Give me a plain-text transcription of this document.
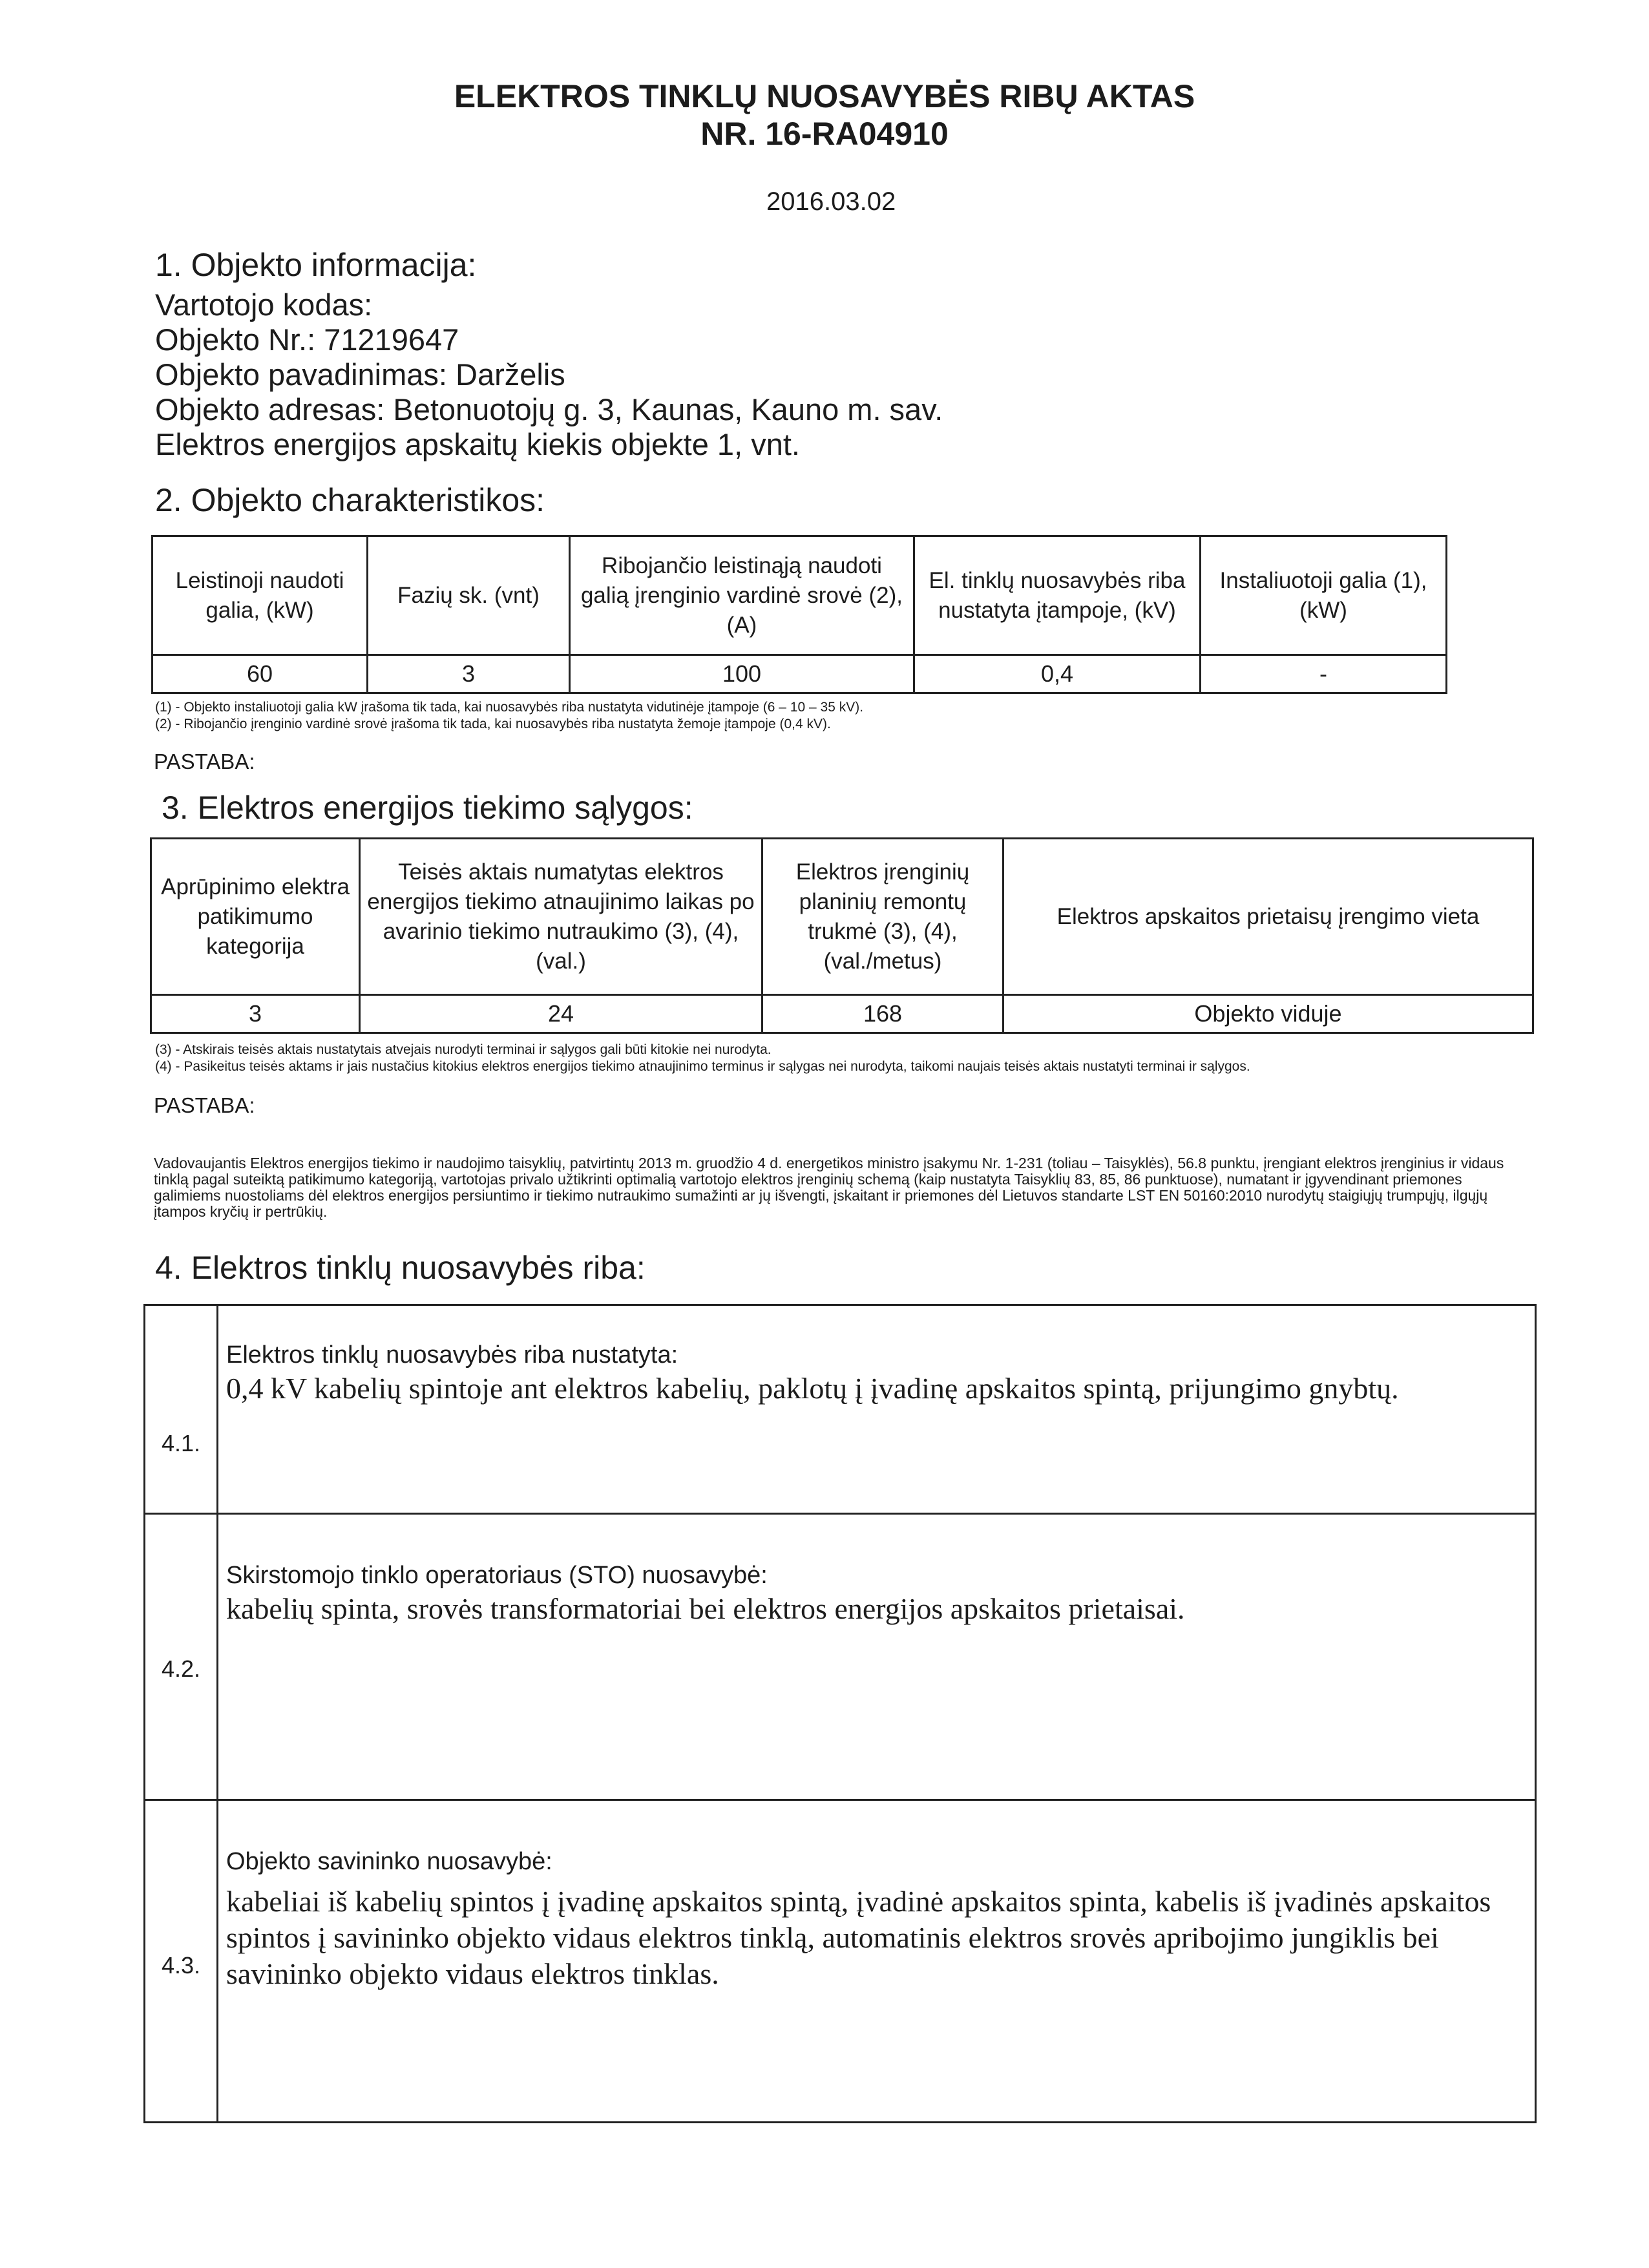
ELEKTROS TINKLŲ NUOSAVYBĖS RIBŲ AKTAS
NR. 16-RA04910
2016.03.02
1. Objekto informacija:
Vartotojo kodas:
Objekto Nr.: 71219647
Objekto pavadinimas: Darželis
Objekto adresas: Betonuotojų g. 3, Kaunas, Kauno m. sav.
Elektros energijos apskaitų kiekis objekte 1, vnt.
2. Objekto charakteristikos:
Leistinoji naudoti galia, (kW)	Fazių sk. (vnt)	Ribojančio leistinąją naudoti galią įrenginio vardinė srovė (2), (A)	El. tinklų nuosavybės riba nustatyta įtampoje, (kV)	Instaliuotoji galia (1), (kW)
60	3	100	0,4	-
(1) - Objekto instaliuotoji galia kW įrašoma tik tada, kai nuosavybės riba nustatyta vidutinėje įtampoje (6 – 10 – 35 kV).
(2) - Ribojančio įrenginio vardinė srovė įrašoma tik tada, kai nuosavybės riba nustatyta žemoje įtampoje (0,4 kV).
PASTABA:
3. Elektros energijos tiekimo sąlygos:
Aprūpinimo elektra patikimumo kategorija	Teisės aktais numatytas elektros energijos tiekimo atnaujinimo laikas po avarinio tiekimo nutraukimo (3), (4), (val.)	Elektros įrenginių planinių remontų trukmė (3), (4), (val./metus)	Elektros apskaitos prietaisų įrengimo vieta
3	24	168	Objekto viduje
(3) - Atskirais teisės aktais nustatytais atvejais nurodyti terminai ir sąlygos gali būti kitokie nei nurodyta.
(4) - Pasikeitus teisės aktams ir jais nustačius kitokius elektros energijos tiekimo atnaujinimo terminus ir sąlygas nei nurodyta, taikomi naujais teisės aktais nustatyti terminai ir sąlygos.
PASTABA:
Vadovaujantis Elektros energijos tiekimo ir naudojimo taisyklių, patvirtintų 2013 m. gruodžio 4 d. energetikos ministro įsakymu Nr. 1-231 (toliau – Taisyklės), 56.8 punktu, įrengiant elektros įrenginius ir vidaus tinklą pagal suteiktą patikimumo kategoriją, vartotojas privalo užtikrinti optimalią vartotojo elektros įrenginių schemą (kaip nustatyta Taisyklių 83, 85, 86 punktuose), numatant ir įgyvendinant priemones galimiems nuostoliams dėl elektros energijos persiuntimo ir tiekimo nutraukimo sumažinti ar jų išvengti, įskaitant ir priemones dėl Lietuvos standarte LST EN 50160:2010 nurodytų staigiųjų trumpųjų, ilgųjų įtampos kryčių ir pertrūkių.
4. Elektros tinklų nuosavybės riba:
4.1.
Elektros tinklų nuosavybės riba nustatyta:
0,4 kV kabelių spintoje ant elektros kabelių, paklotų į įvadinę apskaitos spintą, prijungimo gnybtų.
4.2.
Skirstomojo tinklo operatoriaus (STO) nuosavybė:
kabelių spinta, srovės transformatoriai bei elektros energijos apskaitos prietaisai.
4.3.
Objekto savininko nuosavybė:
kabeliai iš kabelių spintos į įvadinę apskaitos spintą, įvadinė apskaitos spinta, kabelis iš įvadinės apskaitos spintos į savininko objekto vidaus elektros tinklą, automatinis elektros srovės apribojimo jungiklis bei savininko objekto vidaus elektros tinklas.
